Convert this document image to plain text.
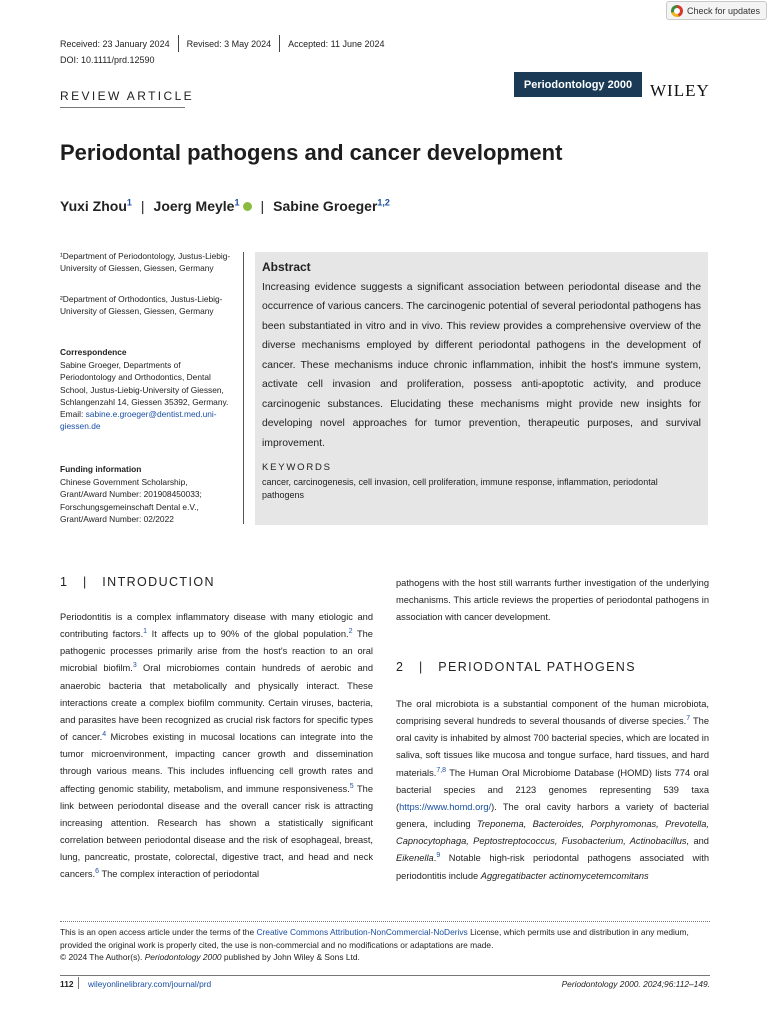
Check for updates
Received: 23 January 2024 Revised: 3 May 2024 Accepted: 11 June 2024
DOI: 10.1111/prd.12590
REVIEW ARTICLE
Periodontology 2000	WILEY
Periodontal pathogens and cancer development
Yuxi Zhou$^1$ | Joerg Meyle$^1$ | Sabine Groeger$^{1,2}$
¹Department of Periodontology, Justus-Liebig-University of Giessen, Giessen, Germany
²Department of Orthodontics, Justus-Liebig-University of Giessen, Giessen, Germany
Correspondence
Sabine Groeger, Departments of Periodontology and Orthodontics, Dental School, Justus-Liebig-University of Giessen, Schlangenzahl 14, Giessen 35392, Germany.
Email: sabine.e.groeger@dentist.med.uni-giessen.de
Funding information
Chinese Government Scholarship, Grant/Award Number: 201908450033; Forschungsgemeinschaft Dental e.V., Grant/Award Number: 02/2022
Abstract
Increasing evidence suggests a significant association between periodontal disease and the occurrence of various cancers. The carcinogenic potential of several periodontal pathogens has been substantiated in vitro and in vivo. This review provides a comprehensive overview of the diverse mechanisms employed by different periodontal pathogens in the development of cancer. These mechanisms induce chronic inflammation, inhibit the host's immune system, activate cell invasion and proliferation, possess anti-apoptotic activity, and produce carcinogenic substances. Elucidating these mechanisms might provide new insights for developing novel approaches for tumor prevention, therapeutic purposes, and survival improvement.
KEYWORDS
cancer, carcinogenesis, cell invasion, cell proliferation, immune response, inflammation, periodontal pathogens
1 | INTRODUCTION
Periodontitis is a complex inflammatory disease with many etiologic and contributing factors.$^1$ It affects up to 90% of the global population.$^2$ The pathogenic processes primarily arise from the host's reaction to an oral microbial biofilm.$^3$ Oral microbiomes contain hundreds of aerobic and anaerobic bacteria that metabolically and physically interact. These interactions create a complex biofilm community. Certain viruses, bacteria, and parasites have been recognized as crucial risk factors for specific types of cancer.$^4$ Microbes existing in mucosal locations can integrate into the tumor microenvironment, impacting cancer growth and dissemination through various means. This includes influencing cell growth rates and affecting genomic stability, metabolism, and immune responsiveness.$^5$ The link between periodontal disease and the overall cancer risk is attracting increasing attention. Research has shown a statistically significant correlation between periodontal disease and the risk of esophageal, breast, lung, pancreatic, prostate, colorectal, digestive tract, and head and neck cancers.$^6$ The complex interaction of periodontal
pathogens with the host still warrants further investigation of the underlying mechanisms. This article reviews the properties of periodontal pathogens in association with cancer development.
2 | PERIODONTAL PATHOGENS
The oral microbiota is a substantial component of the human microbiota, comprising several hundreds to several thousands of diverse species.$^7$ The oral cavity is inhabited by almost 700 bacterial species, which are located in saliva, soft tissues like mucosa and tongue surface, hard tissues, and hard materials.$^{7,8}$ The Human Oral Microbiome Database (HOMD) lists 774 oral bacterial species and 2123 genomes representing 539 taxa (https://www.homd.org/). The oral cavity harbors a variety of bacterial genera, including Treponema, Bacteroides, Porphyromonas, Prevotella, Capnocytophaga, Peptostreptococcus, Fusobacterium, Actinobacillus, and Eikenella.$^9$ Notable high-risk periodontal pathogens associated with periodontitis include Aggregatibacter actinomycetemcomitans
This is an open access article under the terms of the Creative Commons Attribution-NonCommercial-NoDerivs License, which permits use and distribution in any medium, provided the original work is properly cited, the use is non-commercial and no modifications or adaptations are made.
© 2024 The Author(s). Periodontology 2000 published by John Wiley & Sons Ltd.
112 wileyonlinelibrary.com/journal/prd	Periodontology 2000. 2024;96:112–149.
